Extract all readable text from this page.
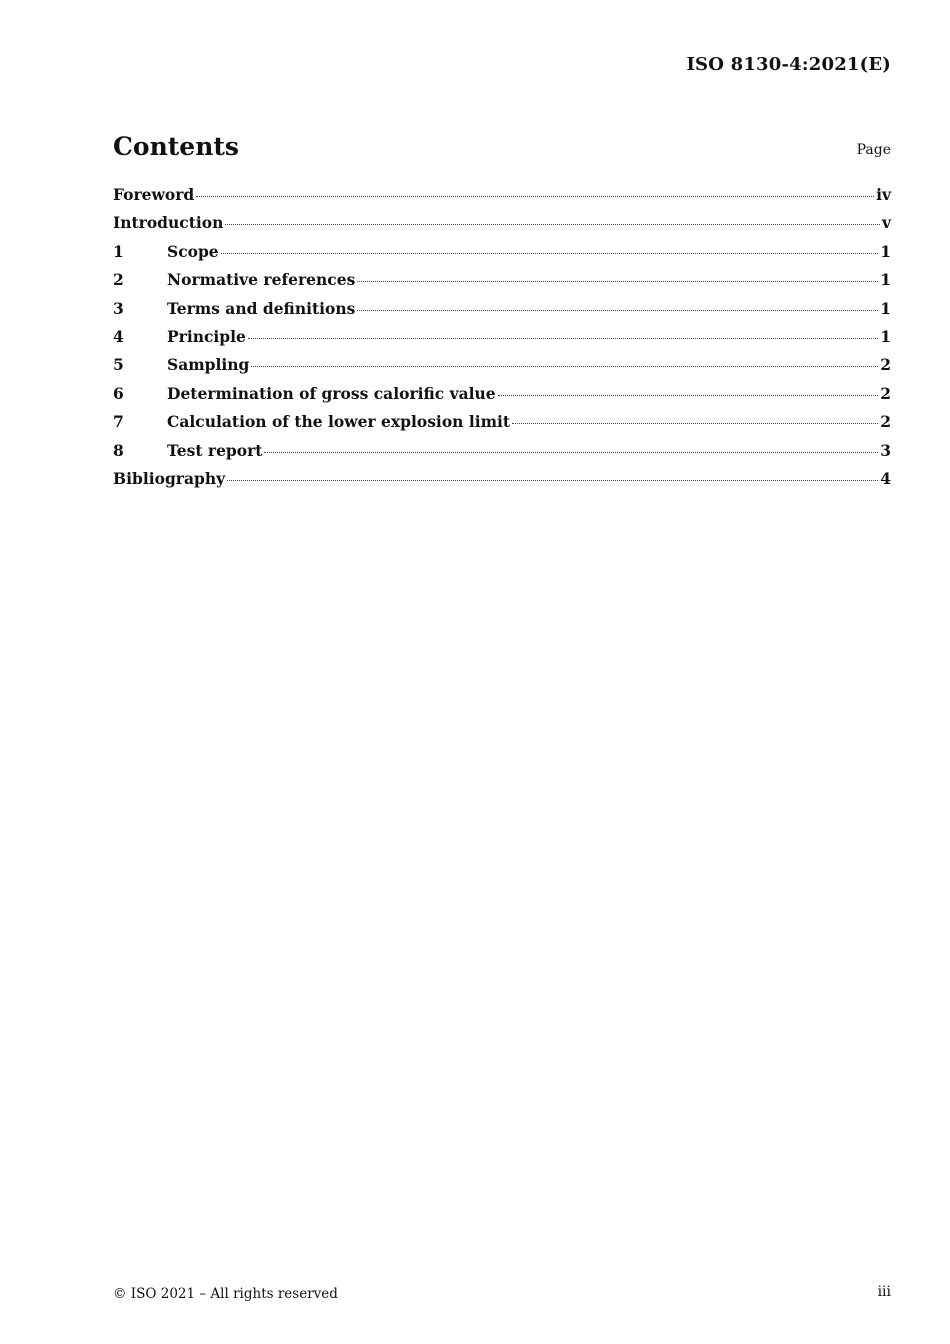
ISO 8130-4:2021(E)
Contents	Page
Foreword	iv
Introduction	v
1	Scope	1
2	Normative references	1
3	Terms and definitions	1
4	Principle	1
5	Sampling	2
6	Determination of gross calorific value	2
7	Calculation of the lower explosion limit	2
8	Test report	3
Bibliography	4
© ISO 2021 – All rights reserved	iii
